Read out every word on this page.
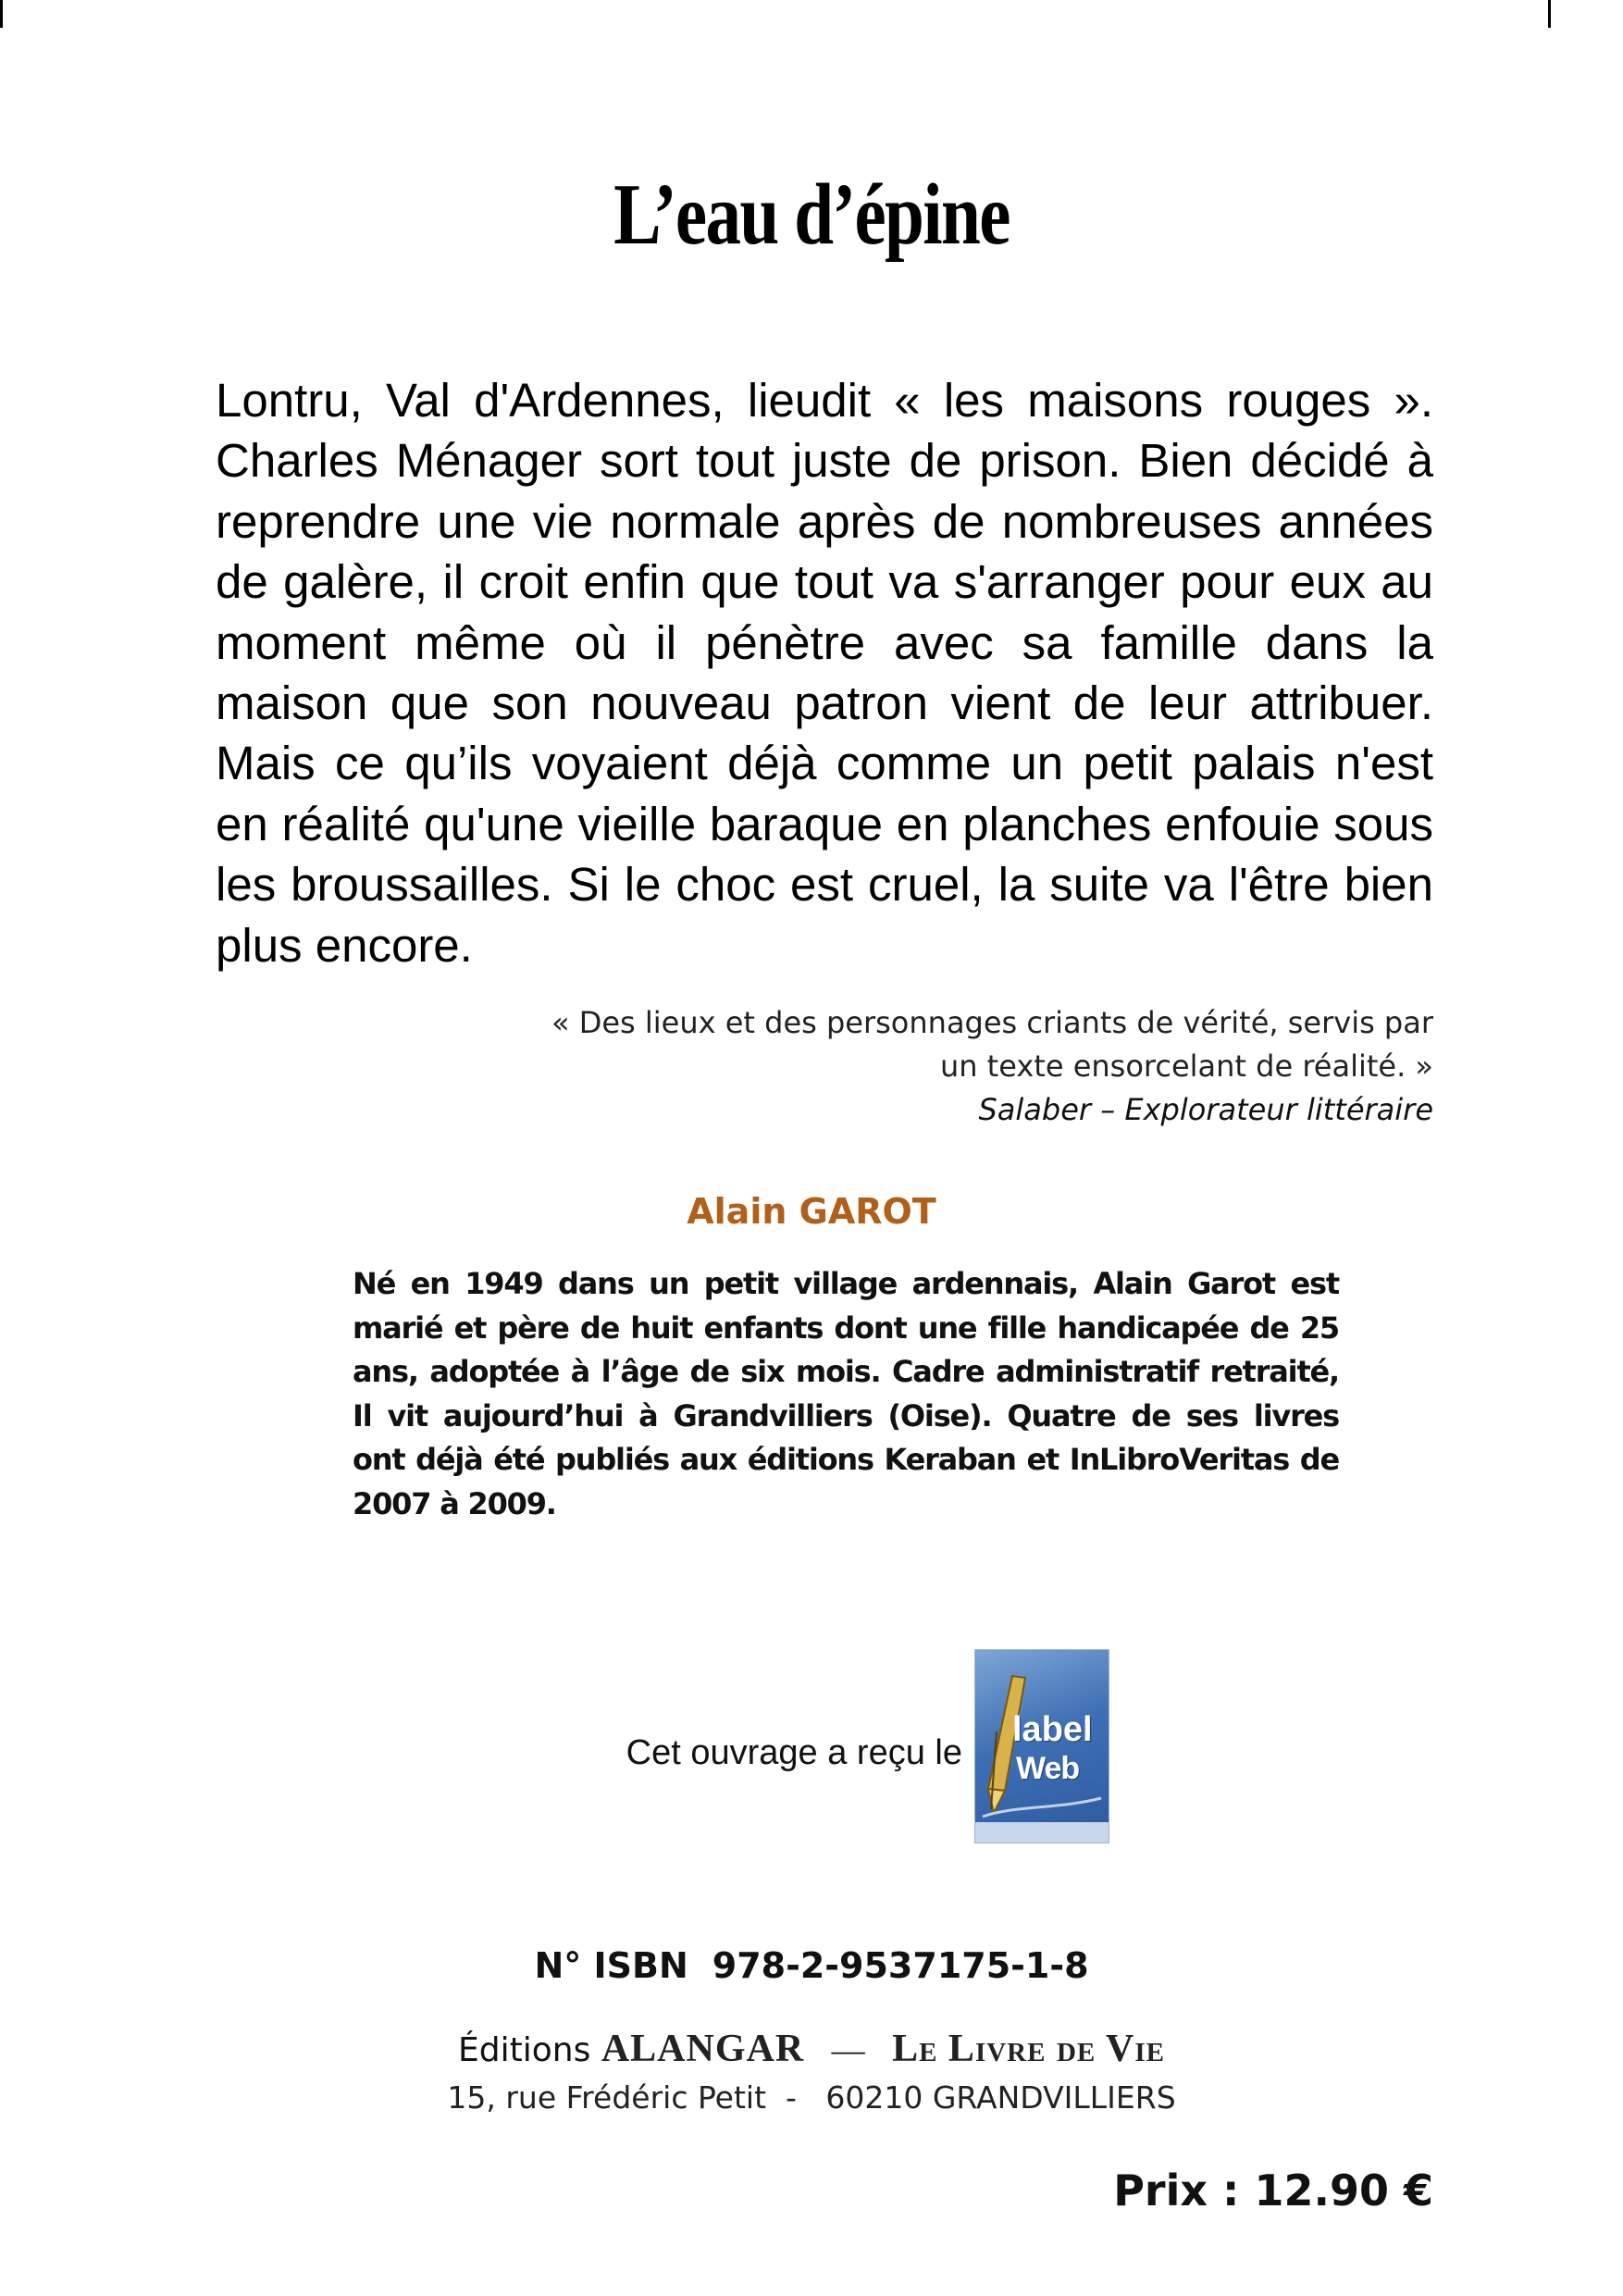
L’eau d’épine

Lontru, Val d'Ardennes, lieudit « les maisons rouges ». Charles Ménager sort tout juste de prison. Bien décidé à reprendre une vie normale après de nombreuses années de galère, il croit enfin que tout va s'arranger pour eux au moment même où il pénètre avec sa famille dans la maison que son nouveau patron vient de leur attribuer. Mais ce qu’ils voyaient déjà comme un petit palais n'est en réalité qu'une vieille baraque en planches enfouie sous les broussailles. Si le choc est cruel, la suite va l'être bien plus encore.

« Des lieux et des personnages criants de vérité, servis par
un texte ensorcelant de réalité. »
Salaber – Explorateur littéraire
Alain GAROT

Né en 1949 dans un petit village ardennais, Alain Garot est marié et père de huit enfants dont une fille handicapée de 25 ans, adoptée à l’âge de six mois. Cadre administratif retraité, Il vit aujourd’hui à Grandvilliers (Oise). Quatre de ses livres ont déjà été publiés aux éditions Keraban et InLibroVeritas de 2007 à 2009.

Cet ouvrage a reçu le
label
Web
N° ISBN 978-2-9537175-1-8
Éditions ALANGAR — Le Livre de Vie
15, rue Frédéric Petit  -   60210 GRANDVILLIERS
Prix : 12.90 €
